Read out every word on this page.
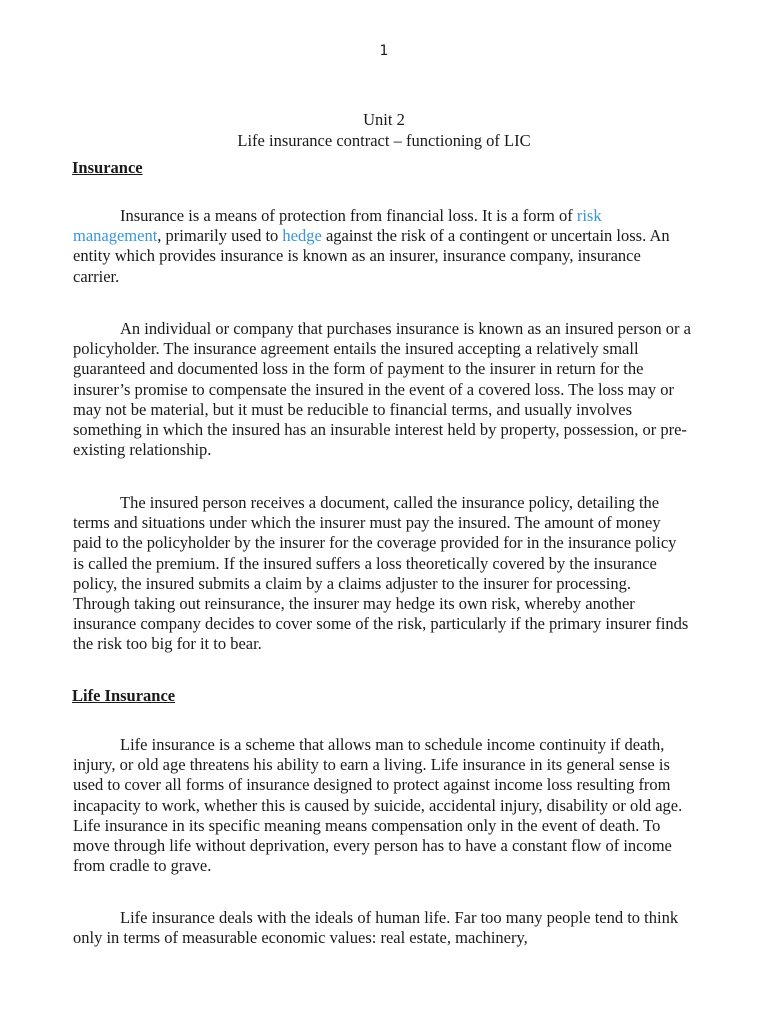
1
Unit 2
Life insurance contract – functioning of LIC
Insurance

Insurance is a means of protection from financial loss. It is a form of risk management, primarily used to hedge against the risk of a contingent or uncertain loss. An entity which provides insurance is known as an insurer, insurance company, insurance carrier.

An individual or company that purchases insurance is known as an insured person or a policyholder. The insurance agreement entails the insured accepting a relatively small guaranteed and documented loss in the form of payment to the insurer in return for the insurer’s promise to compensate the insured in the event of a covered loss. The loss may or may not be material, but it must be reducible to financial terms, and usually involves something in which the insured has an insurable interest held by property, possession, or pre-existing relationship.

The insured person receives a document, called the insurance policy, detailing the terms and situations under which the insurer must pay the insured. The amount of money paid to the policyholder by the insurer for the coverage provided for in the insurance policy is called the premium. If the insured suffers a loss theoretically covered by the insurance policy, the insured submits a claim by a claims adjuster to the insurer for processing. Through taking out reinsurance, the insurer may hedge its own risk, whereby another insurance company decides to cover some of the risk, particularly if the primary insurer finds the risk too big for it to bear.

Life Insurance

Life insurance is a scheme that allows man to schedule income continuity if death, injury, or old age threatens his ability to earn a living. Life insurance in its general sense is used to cover all forms of insurance designed to protect against income loss resulting from incapacity to work, whether this is caused by suicide, accidental injury, disability or old age. Life insurance in its specific meaning means compensation only in the event of death. To move through life without deprivation, every person has to have a constant flow of income from cradle to grave.

Life insurance deals with the ideals of human life. Far too many people tend to think only in terms of measurable economic values: real estate, machinery,
